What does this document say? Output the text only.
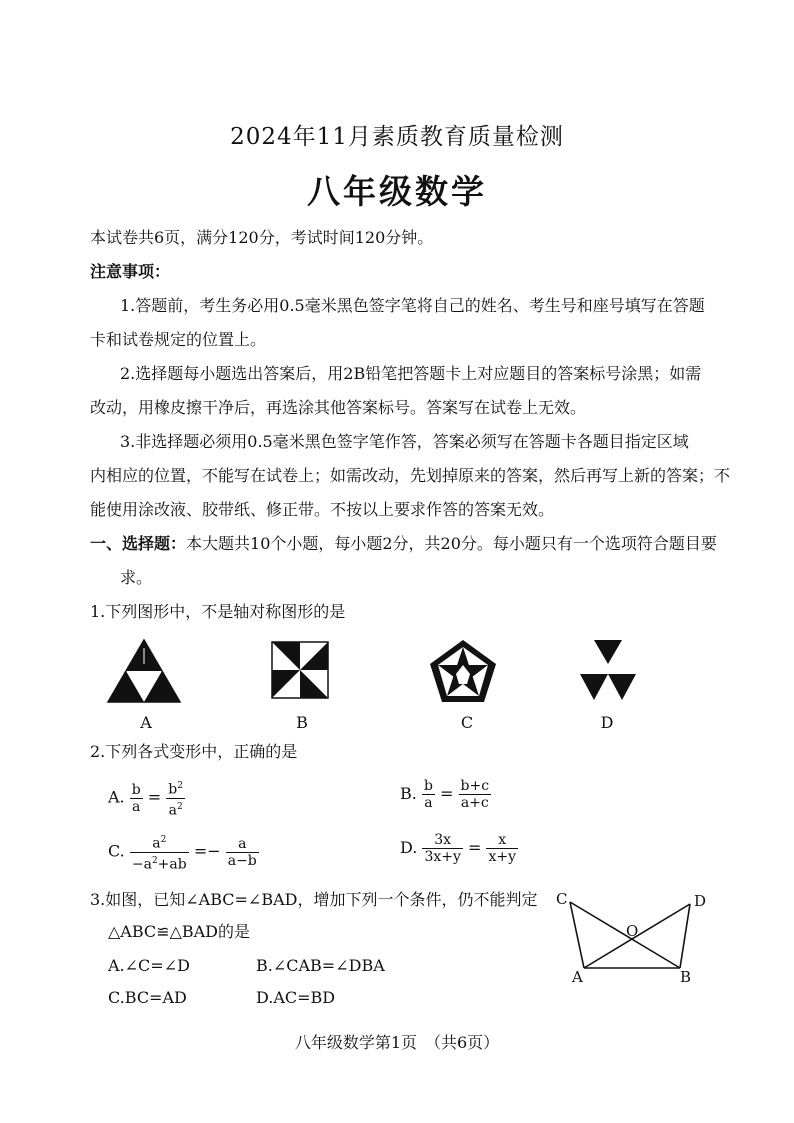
2024年11月素质教育质量检测
八年级数学
本试卷共6页，满分120分，考试时间120分钟。
注意事项：
1.答题前，考生务必用0.5毫米黑色签字笔将自己的姓名、考生号和座号填写在答题
卡和试卷规定的位置上。
2.选择题每小题选出答案后，用2B铅笔把答题卡上对应题目的答案标号涂黑；如需
改动，用橡皮擦干净后，再选涂其他答案标号。答案写在试卷上无效。
3.非选择题必须用0.5毫米黑色签字笔作答，答案必须写在答题卡各题目指定区域
内相应的位置，不能写在试卷上；如需改动，先划掉原来的答案，然后再写上新的答案；不
能使用涂改液、胶带纸、修正带。不按以上要求作答的答案无效。
一、选择题：本大题共10个小题，每小题2分，共20分。每小题只有一个选项符合题目要
求。
1.下列图形中，不是轴对称图形的是
A	B	C	D
2.下列各式变形中，正确的是
A. $\frac{b}{a} = \frac{b^2}{a^2}$	B. $\frac{b}{a} = \frac{b+c}{a+c}$
C. $\frac{a^2}{-a^2+ab} =- \frac{a}{a-b}$	D. $\frac{3x}{3x+y} = \frac{x}{x+y}$
3.如图，已知∠ABC=∠BAD，增加下列一个条件，仍不能判定
△ABC≌△BAD的是
A.∠C=∠D	B.∠CAB=∠DBA
C.BC=AD	D.AC=BD
C	D
O
A	B
八年级数学第1页　（共6页）
